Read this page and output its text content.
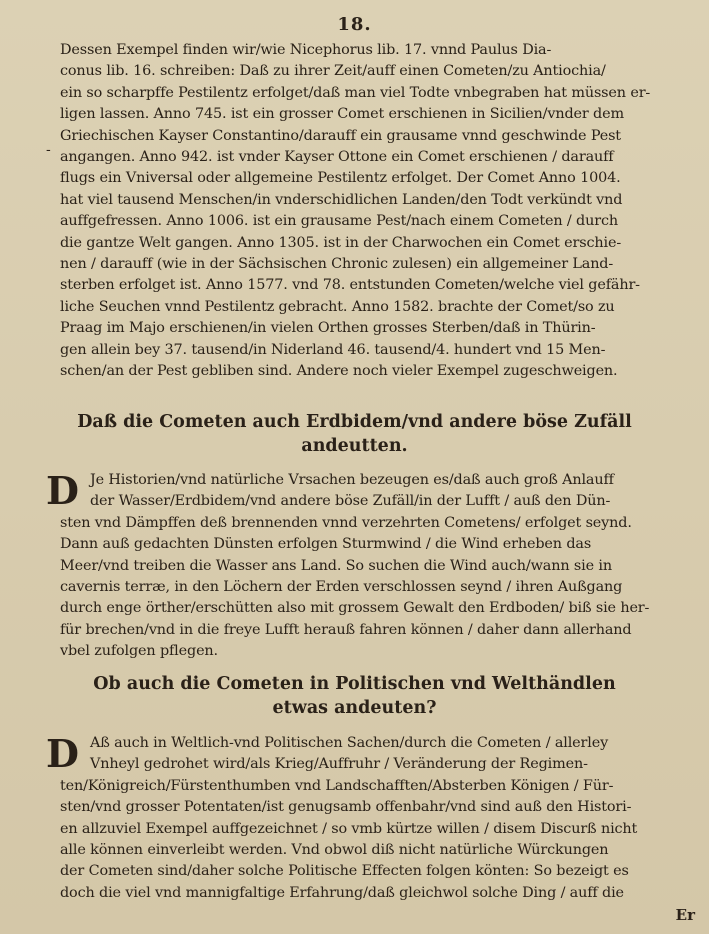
18.
-
Dessen Exempel finden wir/wie Nicephorus lib. 17. vnnd Paulus Dia-
conus lib. 16. schreiben: Daß zu ihrer Zeit/auff einen Cometen/zu Antiochia/
ein so scharpffe Pestilentz erfolget/daß man viel Todte vnbegraben hat müssen er-
ligen lassen. Anno 745. ist ein grosser Comet erschienen in Sicilien/vnder dem
Griechischen Kayser Constantino/darauff ein grausame vnnd geschwinde Pest
angangen. Anno 942. ist vnder Kayser Ottone ein Comet erschienen / darauff
flugs ein Vniversal oder allgemeine Pestilentz erfolget. Der Comet Anno 1004.
hat viel tausend Menschen/in vnderschidlichen Landen/den Todt verkündt vnd
auffgefressen. Anno 1006. ist ein grausame Pest/nach einem Cometen / durch
die gantze Welt gangen. Anno 1305. ist in der Charwochen ein Comet erschie-
nen / darauff (wie in der Sächsischen Chronic zulesen) ein allgemeiner Land-
sterben erfolget ist. Anno 1577. vnd 78. entstunden Cometen/welche viel gefähr-
liche Seuchen vnnd Pestilentz gebracht. Anno 1582. brachte der Comet/so zu
Praag im Majo erschienen/in vielen Orthen grosses Sterben/daß in Thürin-
gen allein bey 37. tausend/in Niderland 46. tausend/4. hundert vnd 15 Men-
schen/an der Pest gebliben sind. Andere noch vieler Exempel zugeschweigen.
Daß die Cometen auch Erdbidem/vnd andere böse Zufäll
andeutten.
D Je Historien/vnd natürliche Vrsachen bezeugen es/daß auch groß Anlauff
der Wasser/Erdbidem/vnd andere böse Zufäll/in der Lufft / auß den Dün-
sten vnd Dämpffen deß brennenden vnnd verzehrten Cometens/ erfolget seynd.
Dann auß gedachten Dünsten erfolgen Sturmwind / die Wind erheben das
Meer/vnd treiben die Wasser ans Land. So suchen die Wind auch/wann sie in
cavernis terræ, in den Löchern der Erden verschlossen seynd / ihren Außgang
durch enge örther/erschütten also mit grossem Gewalt den Erdboden/ biß sie her-
für brechen/vnd in die freye Lufft herauß fahren können / daher dann allerhand
vbel zufolgen pflegen.
Ob auch die Cometen in Politischen vnd Welthändlen
etwas andeuten?
D Aß auch in Weltlich-vnd Politischen Sachen/durch die Cometen / allerley
Vnheyl gedrohet wird/als Krieg/Auffruhr / Veränderung der Regimen-
ten/Königreich/Fürstenthumben vnd Landschafften/Absterben Königen / Für-
sten/vnd grosser Potentaten/ist genugsamb offenbahr/vnd sind auß den Histori-
en allzuviel Exempel auffgezeichnet / so vmb kürtze willen / disem Discurß nicht
alle können einverleibt werden. Vnd obwol diß nicht natürliche Würckungen
der Cometen sind/daher solche Politische Effecten folgen könten: So bezeigt es
doch die viel vnd mannigfaltige Erfahrung/daß gleichwol solche Ding / auff die
Er
